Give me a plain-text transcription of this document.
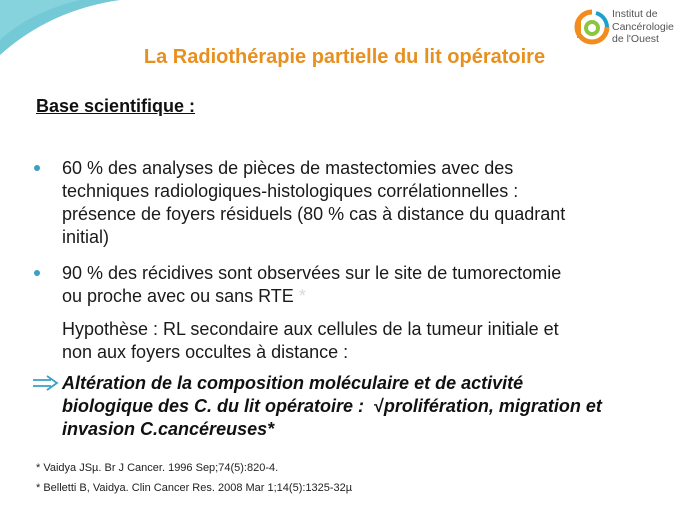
Institut de
Cancérologie
de l'Ouest
La Radiothérapie partielle du lit opératoire
Base scientifique :
60 % des analyses de pièces de mastectomies avec des
techniques radiologiques-histologiques corrélationnelles :
présence de foyers résiduels (80 % cas à distance du quadrant
initial)
90 % des récidives sont observées sur le site de tumorectomie
ou proche avec ou sans RTE *
Hypothèse : RL secondaire aux cellules de la tumeur initiale et
non aux foyers occultes à distance :
Altération de la composition moléculaire et de activité
biologique des C. du lit opératoire :  √prolifération, migration et
invasion C.cancéreuses*
* Vaidya JSµ. Br J Cancer. 1996 Sep;74(5):820-4.
* Belletti B, Vaidya. Clin Cancer Res. 2008 Mar 1;14(5):1325-32µ
